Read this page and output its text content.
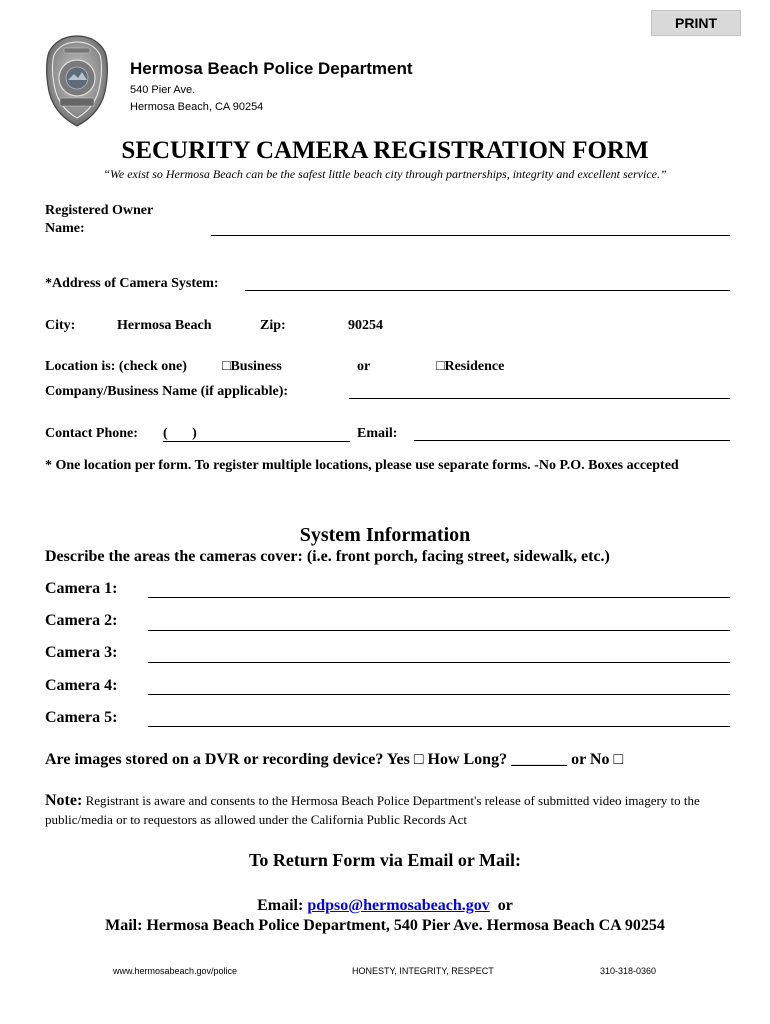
PRINT
Hermosa Beach Police Department
540 Pier Ave.
Hermosa Beach, CA 90254
SECURITY CAMERA REGISTRATION FORM
“We exist so Hermosa Beach can be the safest little beach city through partnerships, integrity and excellent service.”
Registered Owner
Name:
*Address of Camera System:
City:	Hermosa Beach	Zip:	90254
Location is: (check one)	□Business	or	□Residence
Company/Business Name (if applicable):
Contact Phone: (       )	Email:
* One location per form. To register multiple locations, please use separate forms. -No P.O. Boxes accepted
System Information
Describe the areas the cameras cover: (i.e. front porch, facing street, sidewalk, etc.)
Camera 1:
Camera 2:
Camera 3:
Camera 4:
Camera 5:
Are images stored on a DVR or recording device? Yes □ How Long? _______ or No □
Note: Registrant is aware and consents to the Hermosa Beach Police Department's release of submitted video imagery to the public/media or to requestors as allowed under the California Public Records Act
To Return Form via Email or Mail:
Email: pdpso@hermosabeach.gov or
Mail: Hermosa Beach Police Department, 540 Pier Ave. Hermosa Beach CA 90254
www.hermosabeach.gov/police	HONESTY, INTEGRITY, RESPECT	310-318-0360
